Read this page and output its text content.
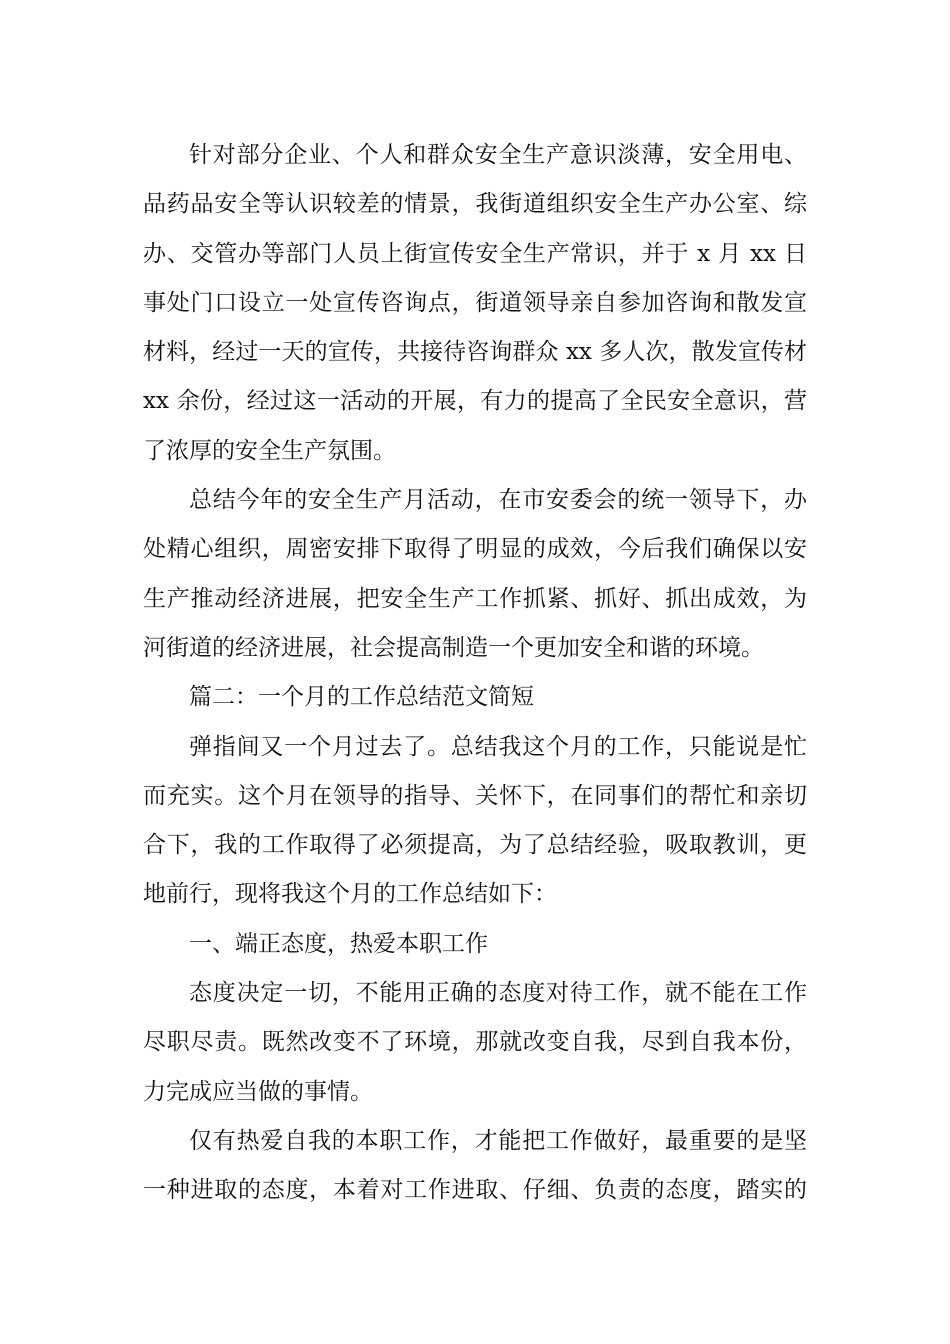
针对部分企业、个人和群众安全生产意识淡薄，安全用电、
品药品安全等认识较差的情景，我街道组织安全生产办公室、综
办、交管办等部门人员上街宣传安全生产常识，并于 x 月 xx 日
事处门口设立一处宣传咨询点，街道领导亲自参加咨询和散发宣
材料，经过一天的宣传，共接待咨询群众 xx 多人次，散发宣传材
xx 余份，经过这一活动的开展，有力的提高了全民安全意识，营
了浓厚的安全生产氛围。
总结今年的安全生产月活动，在市安委会的统一领导下，办
处精心组织，周密安排下取得了明显的成效，今后我们确保以安
生产推动经济进展，把安全生产工作抓紧、抓好、抓出成效，为
河街道的经济进展，社会提高制造一个更加安全和谐的环境。
篇二：一个月的工作总结范文简短
弹指间又一个月过去了。总结我这个月的工作，只能说是忙
而充实。这个月在领导的指导、关怀下，在同事们的帮忙和亲切
合下，我的工作取得了必须提高，为了总结经验，吸取教训，更
地前行，现将我这个月的工作总结如下：
一、端正态度，热爱本职工作
态度决定一切，不能用正确的态度对待工作，就不能在工作
尽职尽责。既然改变不了环境，那就改变自我，尽到自我本份，
力完成应当做的事情。
仅有热爱自我的本职工作，才能把工作做好，最重要的是坚
一种进取的态度，本着对工作进取、仔细、负责的态度，踏实的
